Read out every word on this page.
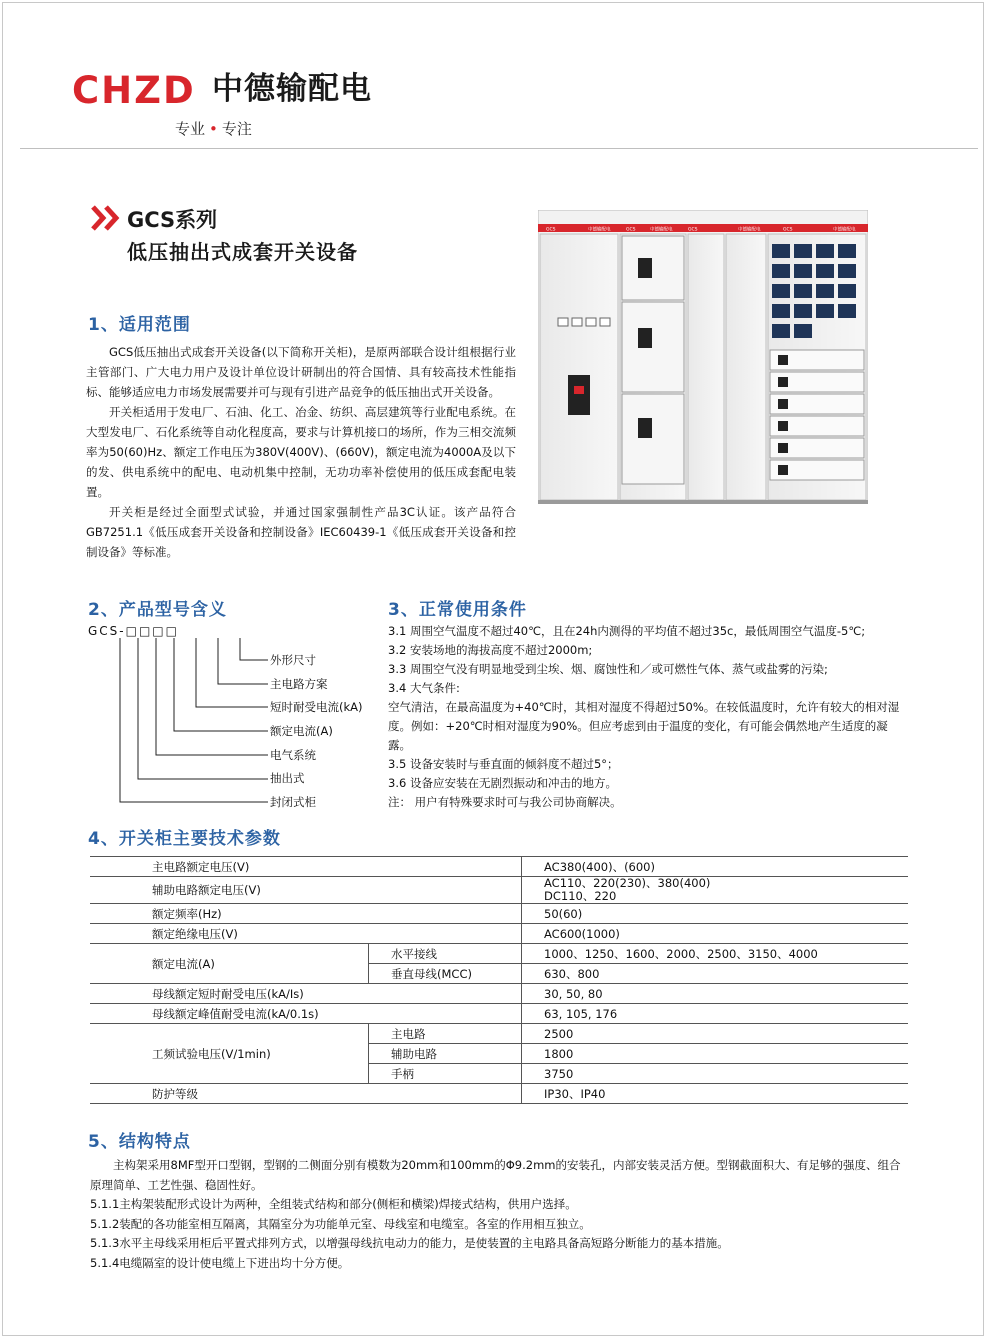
CHZD 中德输配电
专业 • 专注
GCS系列
低压抽出式成套开关设备
GCS	中德输配电	GCS	中德输配电	GCS	中德输配电	GCS	中德输配电
1、适用范围

GCS低压抽出式成套开关设备(以下简称开关柜)，是原两部联合设计组根据行业主管部门、广大电力用户及设计单位设计研制出的符合国情、具有较高技术性能指标、能够适应电力市场发展需要并可与现有引进产品竞争的低压抽出式开关设备。

开关柜适用于发电厂、石油、化工、冶金、纺织、高层建筑等行业配电系统。在大型发电厂、石化系统等自动化程度高，要求与计算机接口的场所，作为三相交流频率为50(60)Hz、额定工作电压为380V(400V)、(660V)，额定电流为4000A及以下的发、供电系统中的配电、电动机集中控制，无功功率补偿使用的低压成套配电装置。

开关柜是经过全面型式试验，并通过国家强制性产品3C认证。该产品符合GB7251.1《低压成套开关设备和控制设备》IEC60439-1《低压成套开关设备和控制设备》等标准。

2、产品型号含义
GCS-□□□□
外形尺寸
主电路方案
短时耐受电流(kA)
额定电流(A)
电气系统
抽出式
封闭式柜
3、正常使用条件

3.1 周围空气温度不超过40℃，且在24h内测得的平均值不超过35c，最低周围空气温度-5℃;

3.2 安装场地的海拔高度不超过2000m;

3.3 周围空气没有明显地受到尘埃、烟、腐蚀性和／或可燃性气体、蒸气或盐雾的污染;

3.4 大气条件:

空气清洁，在最高温度为+40℃时，其相对湿度不得超过50%。在较低温度时，允许有较大的相对湿度。例如：+20℃时相对湿度为90%。但应考虑到由于温度的变化，有可能会偶然地产生适度的凝露。

3.5 设备安装时与垂直面的倾斜度不超过5°；

3.6 设备应安装在无剧烈振动和冲击的地方。

注： 用户有特殊要求时可与我公司协商解决。

4、开关柜主要技术参数
主电路额定电压(V)		AC380(400)、(600)
辅助电路额定电压(V)		AC110、220(230)、380(400)
DC110、220

额定频率(Hz)		50(60)
额定绝缘电压(V)		AC600(1000)
额定电流(A)	水平接线	1000、1250、1600、2000、2500、3150、4000
	垂直母线(MCC)	630、800
母线额定短时耐受电压(kA/Is)		30, 50, 80
母线额定峰值耐受电流(kA/0.1s)		63, 105, 176
工频试验电压(V/1min)	主电路	2500
	辅助电路	1800
	手柄	3750
防护等级		IP30、IP40
5、结构特点

主构架采用8MF型开口型钢，型钢的二侧面分别有模数为20mm和100mm的Φ9.2mm的安装孔，内部安装灵活方便。型钢截面积大、有足够的强度、组合原理简单、工艺性强、稳固性好。

5.1.1主构架装配形式设计为两种，全组装式结构和部分(侧柜和横梁)焊接式结构，供用户选择。

5.1.2装配的各功能室相互隔离，其隔室分为功能单元室、母线室和电缆室。各室的作用相互独立。

5.1.3水平主母线采用柜后平置式排列方式，以增强母线抗电动力的能力，是使装置的主电路具备高短路分断能力的基本措施。

5.1.4电缆隔室的设计使电缆上下进出均十分方便。
